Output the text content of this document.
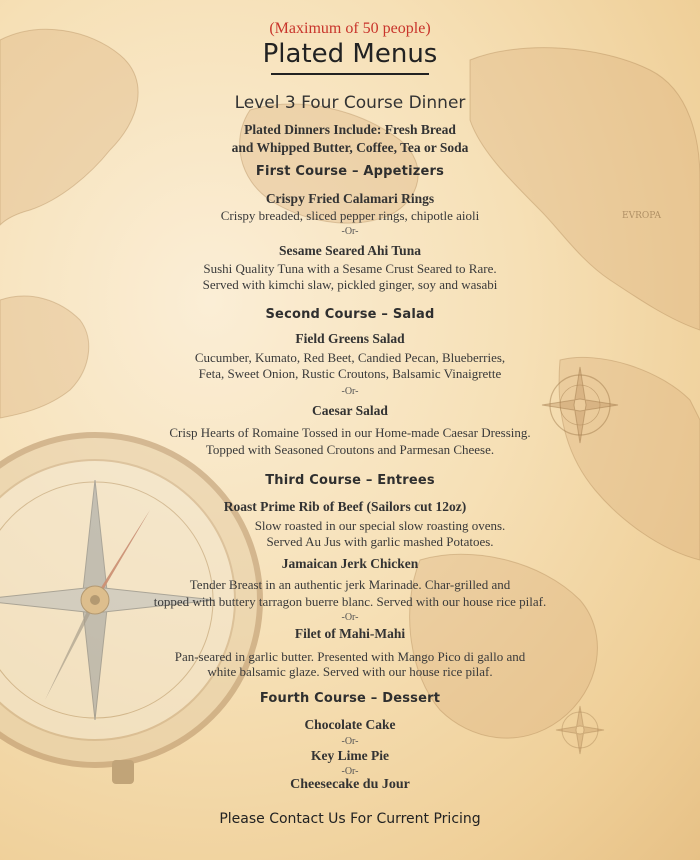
EVROPA
(Maximum of 50 people)
Plated Menus
Level 3 Four Course Dinner
Plated Dinners Include: Fresh Bread
and Whipped Butter, Coffee, Tea or Soda
First Course – Appetizers
Crispy Fried Calamari Rings
Crispy breaded, sliced pepper rings, chipotle aioli
-Or-
Sesame Seared Ahi Tuna
Sushi Quality Tuna with a Sesame Crust Seared to Rare.
Served with kimchi slaw, pickled ginger, soy and wasabi
Second Course – Salad
Field Greens Salad
Cucumber, Kumato, Red Beet, Candied Pecan, Blueberries,
Feta, Sweet Onion, Rustic Croutons, Balsamic Vinaigrette
-Or-
Caesar Salad
Crisp Hearts of Romaine Tossed in our Home-made Caesar Dressing.
Topped with Seasoned Croutons and Parmesan Cheese.
Third Course – Entrees
Roast Prime Rib of Beef (Sailors cut 12oz)
Slow roasted in our special slow roasting ovens.
Served Au Jus with garlic mashed Potatoes.
Jamaican Jerk Chicken
Tender Breast in an authentic jerk Marinade. Char-grilled and
topped with buttery tarragon buerre blanc. Served with our house rice pilaf.
-Or-
Filet of Mahi-Mahi
Pan-seared in garlic butter. Presented with Mango Pico di gallo and
white balsamic glaze. Served with our house rice pilaf.
Fourth Course – Dessert
Chocolate Cake
-Or-
Key Lime Pie
-Or-
Cheesecake du Jour
Please Contact Us For Current Pricing
